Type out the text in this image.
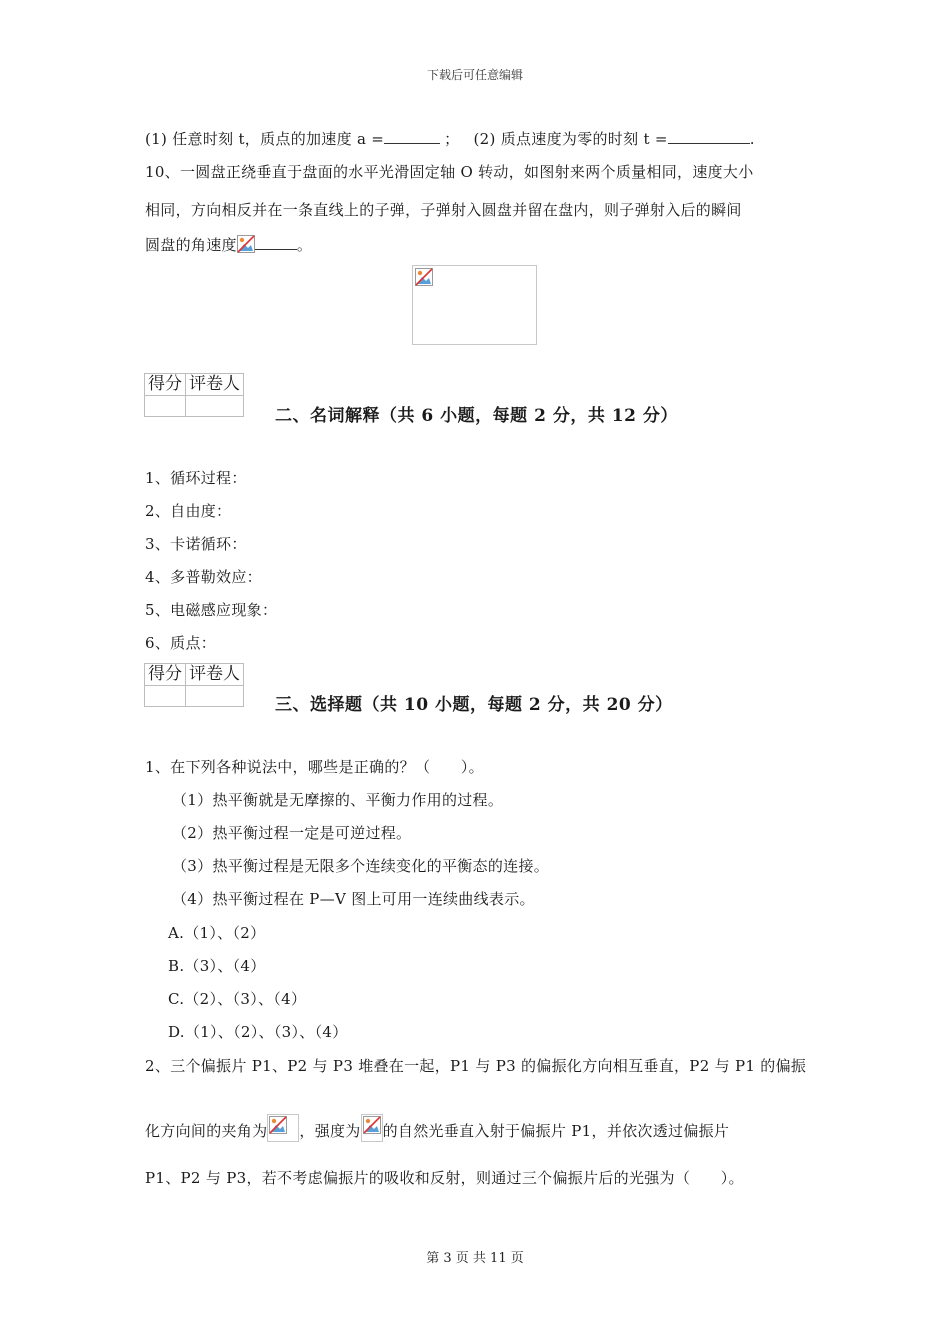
下载后可任意编辑
(1) 任意时刻 t，质点的加速度 a =	； (2) 质点速度为零的时刻 t =	.
10、一圆盘正绕垂直于盘面的水平光滑固定轴 O 转动，如图射来两个质量相同，速度大小
相同，方向相反并在一条直线上的子弹，子弹射入圆盘并留在盘内，则子弹射入后的瞬间
圆盘的角速度	。
得分	评卷人

二、名词解释（共 6 小题，每题 2 分，共 12 分）
1、循环过程：
2、自由度：
3、卡诺循环：
4、多普勒效应：
5、电磁感应现象：
6、质点：
得分	评卷人

三、选择题（共 10 小题，每题 2 分，共 20 分）
1、在下列各种说法中，哪些是正确的？（　　）。
（1）热平衡就是无摩擦的、平衡力作用的过程。
（2）热平衡过程一定是可逆过程。
（3）热平衡过程是无限多个连续变化的平衡态的连接。
（4）热平衡过程在 P—V 图上可用一连续曲线表示。
A.（1）、（2）
B.（3）、（4）
C.（2）、（3）、（4）
D.（1）、（2）、（3）、（4）
2、三个偏振片 P1、P2 与 P3 堆叠在一起，P1 与 P3 的偏振化方向相互垂直，P2 与 P1 的偏振
化方向间的夹角为 ，强度为 的自然光垂直入射于偏振片 P1，并依次透过偏振片
P1、P2 与 P3，若不考虑偏振片的吸收和反射，则通过三个偏振片后的光强为（　　）。
第 3 页 共 11 页
